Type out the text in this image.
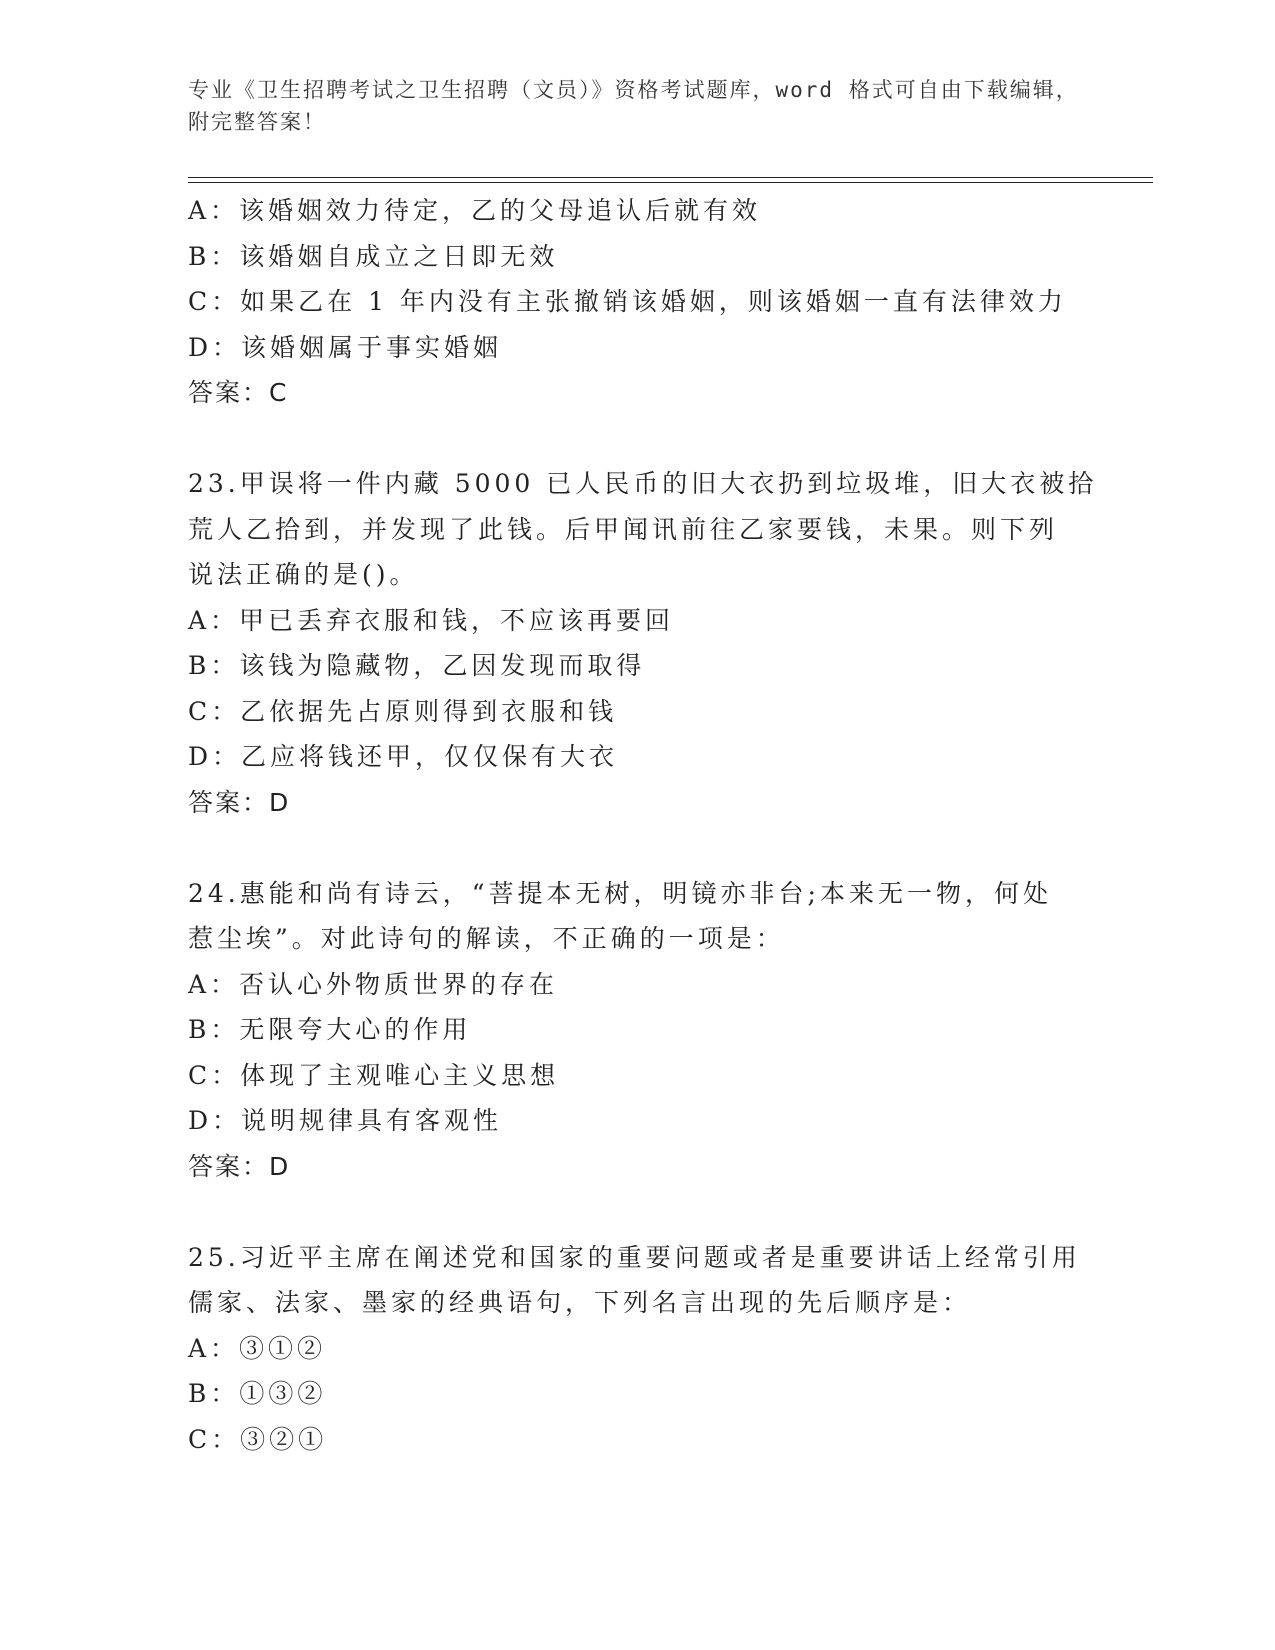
专业《卫生招聘考试之卫生招聘（文员）》资格考试题库，word 格式可自由下载编辑，附完整答案！
A：该婚姻效力待定，乙的父母追认后就有效
B：该婚姻自成立之日即无效
C：如果乙在 1 年内没有主张撤销该婚姻，则该婚姻一直有法律效力
D：该婚姻属于事实婚姻
答案：C
23.甲误将一件内藏 5000 已人民币的旧大衣扔到垃圾堆，旧大衣被拾
荒人乙拾到，并发现了此钱。后甲闻讯前往乙家要钱，未果。则下列
说法正确的是()。
A：甲已丢弃衣服和钱，不应该再要回
B：该钱为隐藏物，乙因发现而取得
C：乙依据先占原则得到衣服和钱
D：乙应将钱还甲，仅仅保有大衣
答案：D
24.惠能和尚有诗云，“菩提本无树，明镜亦非台;本来无一物，何处
惹尘埃”。对此诗句的解读，不正确的一项是：
A：否认心外物质世界的存在
B：无限夸大心的作用
C：体现了主观唯心主义思想
D：说明规律具有客观性
答案：D
25.习近平主席在阐述党和国家的重要问题或者是重要讲话上经常引用
儒家、法家、墨家的经典语句，下列名言出现的先后顺序是：
A：③①②
B：①③②
C：③②①
